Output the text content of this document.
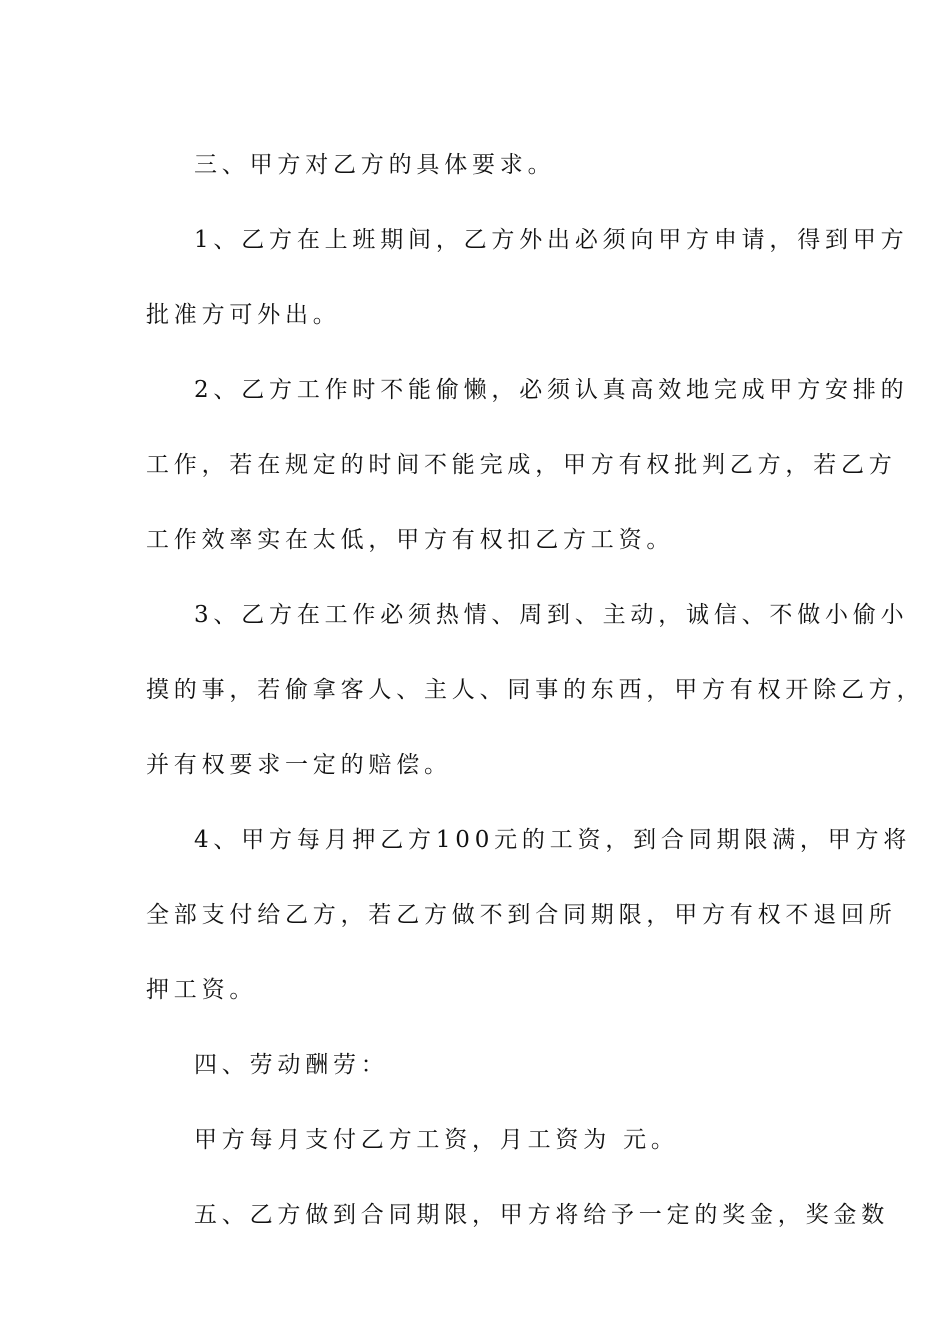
三、甲方对乙方的具体要求。

1、乙方在上班期间，乙方外出必须向甲方申请，得到甲方
批准方可外出。

2、乙方工作时不能偷懒，必须认真高效地完成甲方安排的
工作，若在规定的时间不能完成，甲方有权批判乙方，若乙方
工作效率实在太低，甲方有权扣乙方工资。

3、乙方在工作必须热情、周到、主动，诚信、不做小偷小
摸的事，若偷拿客人、主人、同事的东西，甲方有权开除乙方，
并有权要求一定的赔偿。

4、甲方每月押乙方100元的工资，到合同期限满，甲方将
全部支付给乙方，若乙方做不到合同期限，甲方有权不退回所
押工资。

四、劳动酬劳：

甲方每月支付乙方工资，月工资为 元。

五、乙方做到合同期限，甲方将给予一定的奖金，奖金数
